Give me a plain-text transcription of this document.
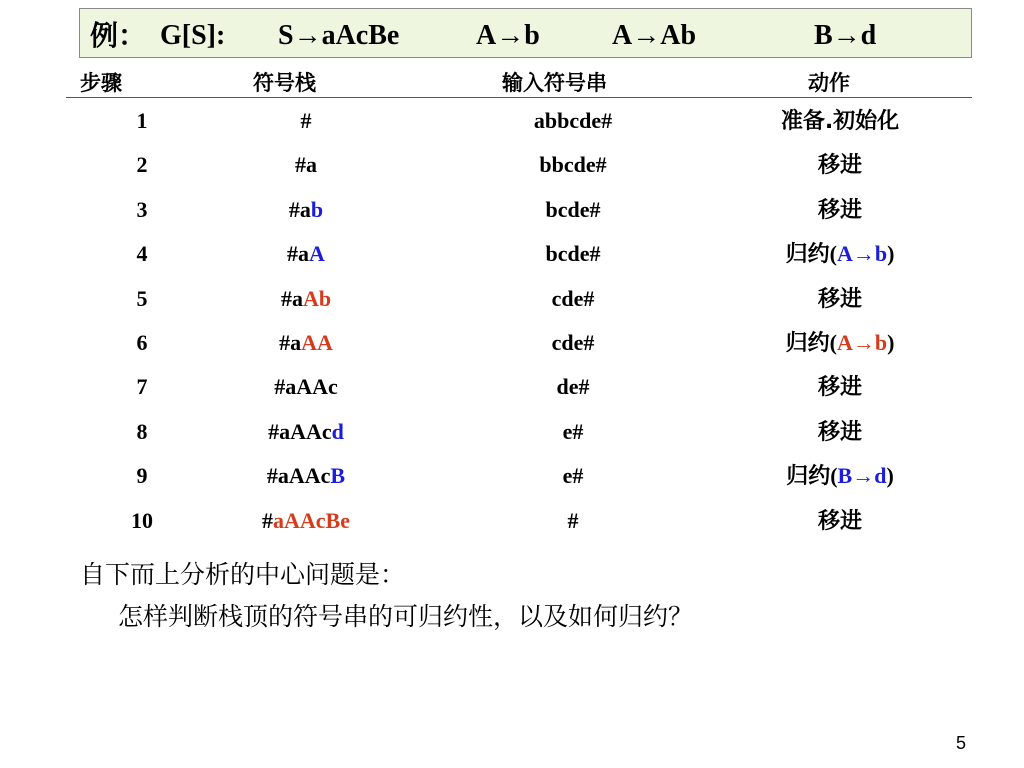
例： G[S]: S→aAcBe	A→b	A→Ab	B→d
步骤	符号栈	输入符号串	动作
1	#	abbcde#	准备.初始化
2	#a	bbcde#	移进
3	#ab	bcde#	移进
4	#aA	bcde#	归约(A→b)
5	#aAb	cde#	移进
6	#aAA	cde#	归约(A→b)
7	#aAAc	de#	移进
8	#aAAcd	e#	移进
9	#aAAcB	e#	归约(B→d)
10	#aAAcBe	#	移进
自下而上分析的中心问题是：
怎样判断栈顶的符号串的可归约性，以及如何归约？
5
